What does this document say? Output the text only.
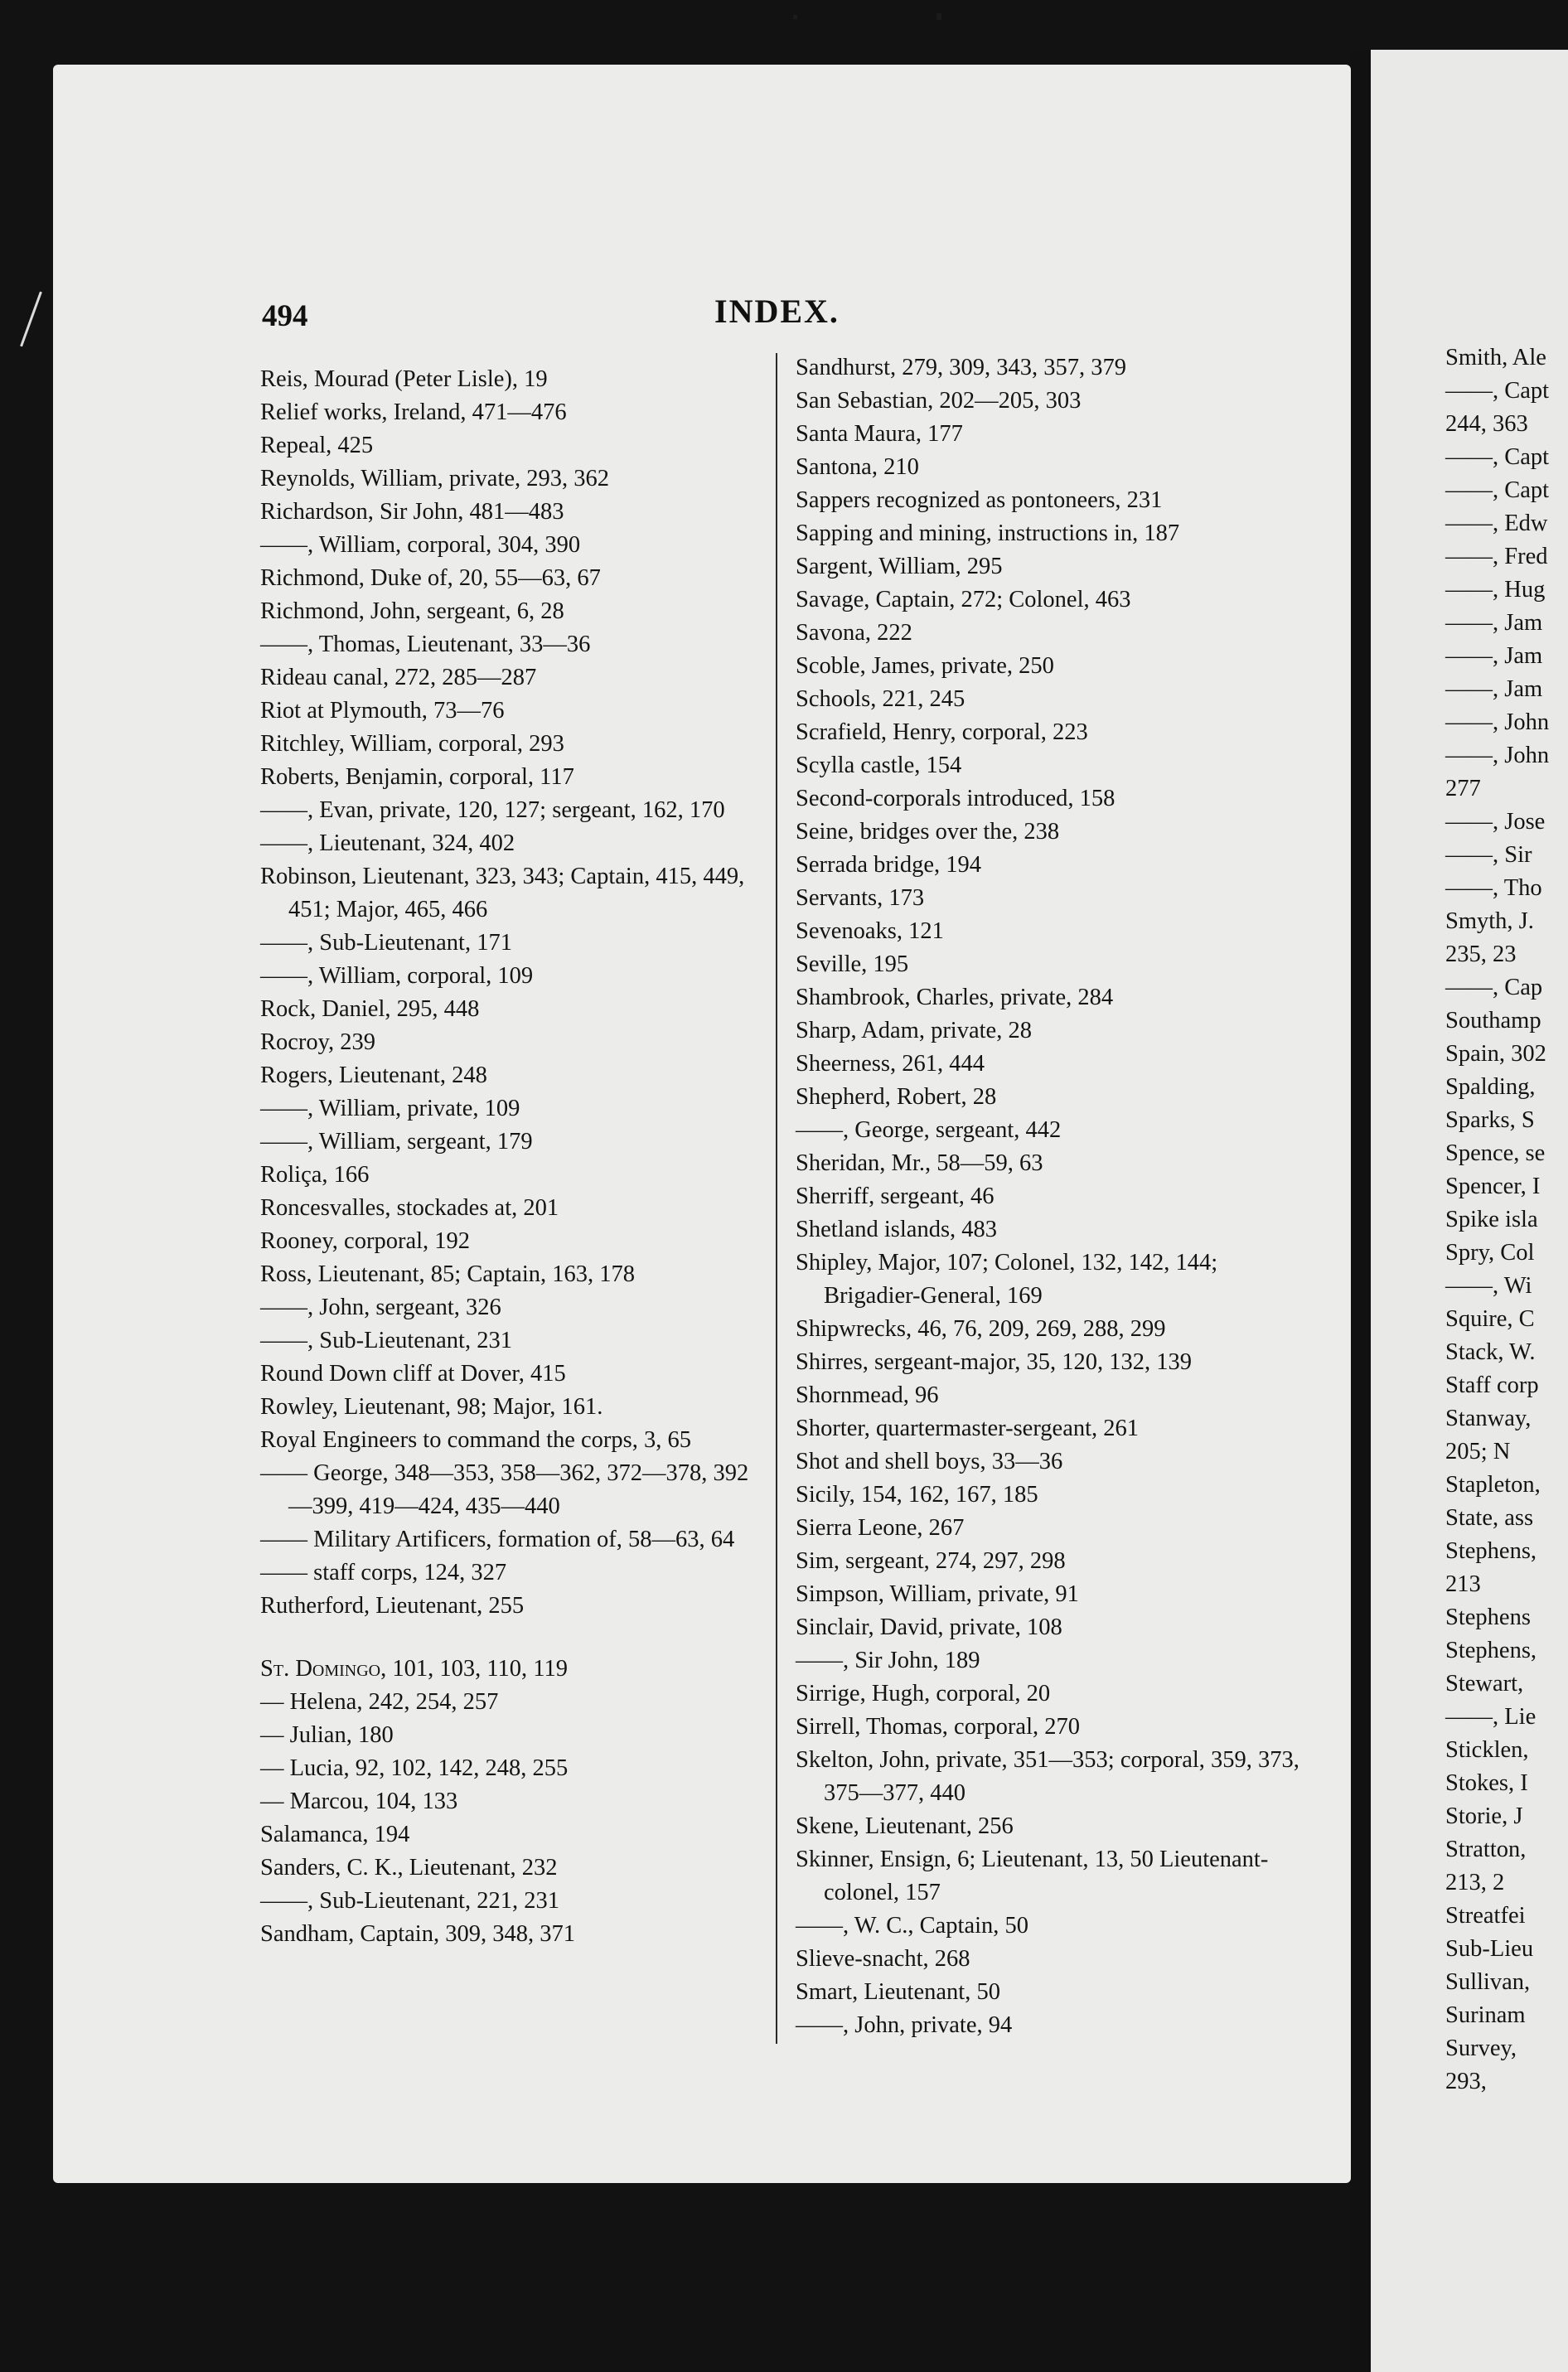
494	INDEX.
Reis, Mourad (Peter Lisle), 19
Relief works, Ireland, 471—476
Repeal, 425
Reynolds, William, private, 293, 362
Richardson, Sir John, 481—483
——, William, corporal, 304, 390
Richmond, Duke of, 20, 55—63, 67
Richmond, John, sergeant, 6, 28
——, Thomas, Lieutenant, 33—36
Rideau canal, 272, 285—287
Riot at Plymouth, 73—76
Ritchley, William, corporal, 293
Roberts, Benjamin, corporal, 117
——, Evan, private, 120, 127; sergeant, 162, 170
——, Lieutenant, 324, 402
Robinson, Lieutenant, 323, 343; Captain, 415, 449, 451; Major, 465, 466
——, Sub-Lieutenant, 171
——, William, corporal, 109
Rock, Daniel, 295, 448
Rocroy, 239
Rogers, Lieutenant, 248
——, William, private, 109
——, William, sergeant, 179
Roliça, 166
Roncesvalles, stockades at, 201
Rooney, corporal, 192
Ross, Lieutenant, 85; Captain, 163, 178
——, John, sergeant, 326
——, Sub-Lieutenant, 231
Round Down cliff at Dover, 415
Rowley, Lieutenant, 98; Major, 161.
Royal Engineers to command the corps, 3, 65
—— George, 348—353, 358—362, 372—378, 392—399, 419—424, 435—440
—— Military Artificers, formation of, 58—63, 64
—— staff corps, 124, 327
Rutherford, Lieutenant, 255
St. Domingo, 101, 103, 110, 119
— Helena, 242, 254, 257
— Julian, 180
— Lucia, 92, 102, 142, 248, 255
— Marcou, 104, 133
Salamanca, 194
Sanders, C. K., Lieutenant, 232
——, Sub-Lieutenant, 221, 231
Sandham, Captain, 309, 348, 371
Sandhurst, 279, 309, 343, 357, 379
San Sebastian, 202—205, 303
Santa Maura, 177
Santona, 210
Sappers recognized as pontoneers, 231
Sapping and mining, instructions in, 187
Sargent, William, 295
Savage, Captain, 272; Colonel, 463
Savona, 222
Scoble, James, private, 250
Schools, 221, 245
Scrafield, Henry, corporal, 223
Scylla castle, 154
Second-corporals introduced, 158
Seine, bridges over the, 238
Serrada bridge, 194
Servants, 173
Sevenoaks, 121
Seville, 195
Shambrook, Charles, private, 284
Sharp, Adam, private, 28
Sheerness, 261, 444
Shepherd, Robert, 28
——, George, sergeant, 442
Sheridan, Mr., 58—59, 63
Sherriff, sergeant, 46
Shetland islands, 483
Shipley, Major, 107; Colonel, 132, 142, 144; Brigadier-General, 169
Shipwrecks, 46, 76, 209, 269, 288, 299
Shirres, sergeant-major, 35, 120, 132, 139
Shornmead, 96
Shorter, quartermaster-sergeant, 261
Shot and shell boys, 33—36
Sicily, 154, 162, 167, 185
Sierra Leone, 267
Sim, sergeant, 274, 297, 298
Simpson, William, private, 91
Sinclair, David, private, 108
——, Sir John, 189
Sirrige, Hugh, corporal, 20
Sirrell, Thomas, corporal, 270
Skelton, John, private, 351—353; corporal, 359, 373, 375—377, 440
Skene, Lieutenant, 256
Skinner, Ensign, 6; Lieutenant, 13, 50 Lieutenant-colonel, 157
——, W. C., Captain, 50
Slieve-snacht, 268
Smart, Lieutenant, 50
——, John, private, 94
Smith, Ale
——, Capt
244, 363
——, Capt
——, Capt
——, Edw
——, Fred
——, Hug
——, Jam
——, Jam
——, Jam
——, John
——, John
277
——, Jose
——, Sir
——, Tho
Smyth, J.
235, 23
——, Cap
Southamp
Spain, 302
Spalding,
Sparks, S
Spence, se
Spencer, I
Spike isla
Spry, Col
——, Wi
Squire, C
Stack, W.
Staff corp
Stanway,
205; N
Stapleton,
State, ass
Stephens,
213
Stephens
Stephens,
Stewart,
——, Lie
Sticklen,
Stokes, I
Storie, J
Stratton,
213, 2
Streatfei
Sub-Lieu
Sullivan,
Surinam
Survey,
293,
